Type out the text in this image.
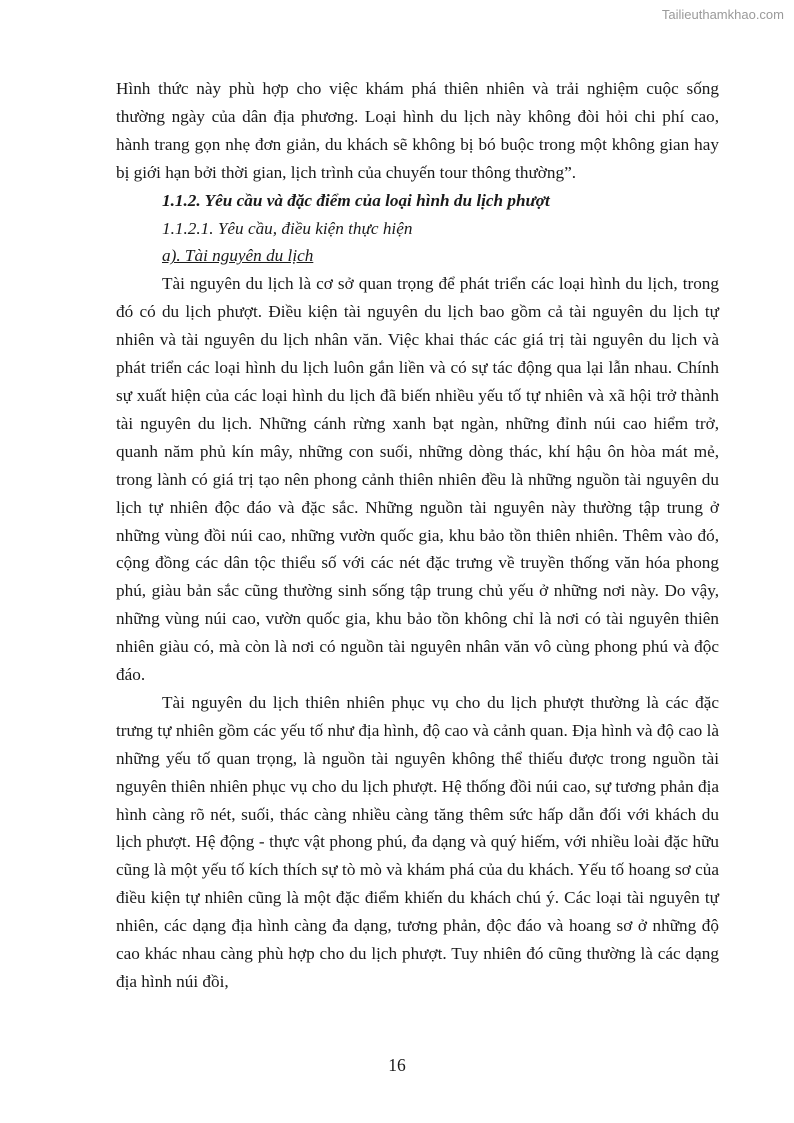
Tailieuthamkhao.com

Hình thức này phù hợp cho việc khám phá thiên nhiên và trải nghiệm cuộc sống thường ngày của dân địa phương. Loại hình du lịch này không đòi hỏi chi phí cao, hành trang gọn nhẹ đơn giản, du khách sẽ không bị bó buộc trong một không gian hay bị giới hạn bởi thời gian, lịch trình của chuyến tour thông thường”.

1.1.2. Yêu cầu và đặc điểm của loại hình du lịch phượt

1.1.2.1. Yêu cầu, điều kiện thực hiện

a). Tài nguyên du lịch

Tài nguyên du lịch là cơ sở quan trọng để phát triển các loại hình du lịch, trong đó có du lịch phượt. Điều kiện tài nguyên du lịch bao gồm cả tài nguyên du lịch tự nhiên và tài nguyên du lịch nhân văn. Việc khai thác các giá trị tài nguyên du lịch và phát triển các loại hình du lịch luôn gắn liền và có sự tác động qua lại lẫn nhau. Chính sự xuất hiện của các loại hình du lịch đã biến nhiều yếu tố tự nhiên và xã hội trở thành tài nguyên du lịch. Những cánh rừng xanh bạt ngàn, những đỉnh núi cao hiểm trở, quanh năm phủ kín mây, những con suối, những dòng thác, khí hậu ôn hòa mát mẻ, trong lành có giá trị tạo nên phong cảnh thiên nhiên đều là những nguồn tài nguyên du lịch tự nhiên độc đáo và đặc sắc. Những nguồn tài nguyên này thường tập trung ở những vùng đồi núi cao, những vườn quốc gia, khu bảo tồn thiên nhiên. Thêm vào đó, cộng đồng các dân tộc thiểu số với các nét đặc trưng về truyền thống văn hóa phong phú, giàu bản sắc cũng thường sinh sống tập trung chủ yếu ở những nơi này. Do vậy, những vùng núi cao, vườn quốc gia, khu bảo tồn không chỉ là nơi có tài nguyên thiên nhiên giàu có, mà còn là nơi có nguồn tài nguyên nhân văn vô cùng phong phú và độc đáo.

Tài nguyên du lịch thiên nhiên phục vụ cho du lịch phượt thường là các đặc trưng tự nhiên gồm các yếu tố như địa hình, độ cao và cảnh quan. Địa hình và độ cao là những yếu tố quan trọng, là nguồn tài nguyên không thể thiếu được trong nguồn tài nguyên thiên nhiên phục vụ cho du lịch phượt. Hệ thống đồi núi cao, sự tương phản địa hình càng rõ nét, suối, thác càng nhiều càng tăng thêm sức hấp dẫn đối với khách du lịch phượt. Hệ động - thực vật phong phú, đa dạng và quý hiếm, với nhiều loài đặc hữu cũng là một yếu tố kích thích sự tò mò và khám phá của du khách. Yếu tố hoang sơ của điều kiện tự nhiên cũng là một đặc điểm khiến du khách chú ý. Các loại tài nguyên tự nhiên, các dạng địa hình càng đa dạng, tương phản, độc đáo và hoang sơ ở những độ cao khác nhau càng phù hợp cho du lịch phượt. Tuy nhiên đó cũng thường là các dạng địa hình núi đồi,

16
